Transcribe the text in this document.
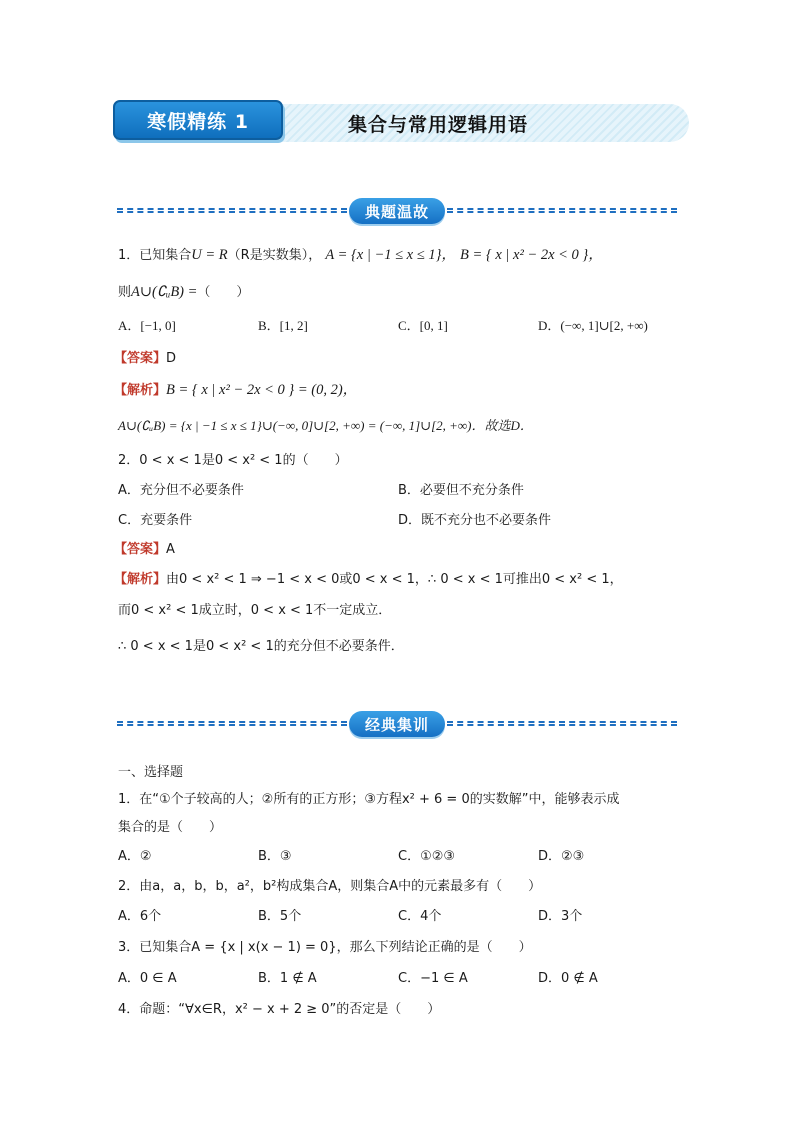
寒假精练 1	集合与常用逻辑用语
典题温故
1．已知集合U = R（R是实数集）， A = {x | −1 ≤ x ≤ 1}， B = { x | x² − 2x < 0 }，
则A∪(∁ᵤB) =（　　）
A．[−1, 0]	B．[1, 2]	C．[0, 1]	D．(−∞, 1]∪[2, +∞)
【答案】D
【解析】B = { x | x² − 2x < 0 } = (0, 2)，
A∪(∁ᵤB) = {x | −1 ≤ x ≤ 1}∪(−∞, 0]∪[2, +∞) = (−∞, 1]∪[2, +∞)．故选D．
2．0 < x < 1是0 < x² < 1的（　　）
A．充分但不必要条件	B．必要但不充分条件
C．充要条件	D．既不充分也不必要条件
【答案】A
【解析】由0 < x² < 1 ⇒ −1 < x < 0或0 < x < 1，∴ 0 < x < 1可推出0 < x² < 1，
而0 < x² < 1成立时，0 < x < 1不一定成立．
∴ 0 < x < 1是0 < x² < 1的充分但不必要条件．
经典集训
一、选择题
1．在“①个子较高的人；②所有的正方形；③方程x² + 6 = 0的实数解”中，能够表示成
集合的是（　　）
A．②	B．③	C．①②③	D．②③
2．由a，a，b，b，a²，b²构成集合A，则集合A中的元素最多有（　　）
A．6个	B．5个	C．4个	D．3个
3．已知集合A = {x | x(x − 1) = 0}，那么下列结论正确的是（　　）
A．0 ∈ A	B．1 ∉ A	C．−1 ∈ A	D．0 ∉ A
4．命题：“∀x∈R，x² − x + 2 ≥ 0”的否定是（　　）
